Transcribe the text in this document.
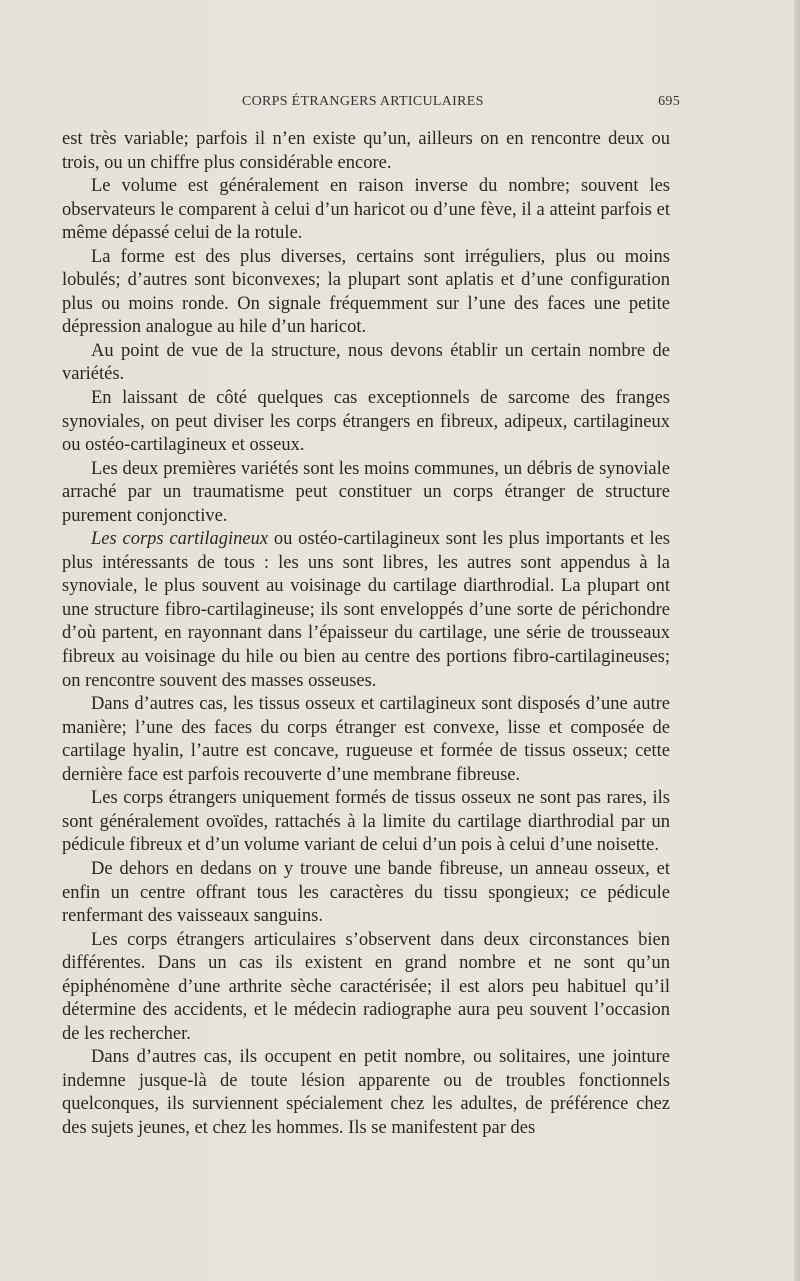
CORPS ÉTRANGERS ARTICULAIRES	695

est très variable; parfois il n’en existe qu’un, ailleurs on en rencontre deux ou trois, ou un chiffre plus considérable encore.

Le volume est généralement en raison inverse du nombre; souvent les observateurs le comparent à celui d’un haricot ou d’une fève, il a atteint parfois et même dépassé celui de la rotule.

La forme est des plus diverses, certains sont irréguliers, plus ou moins lobulés; d’autres sont biconvexes; la plupart sont aplatis et d’une configuration plus ou moins ronde. On signale fréquemment sur l’une des faces une petite dépression analogue au hile d’un haricot.

Au point de vue de la structure, nous devons établir un certain nombre de variétés.

En laissant de côté quelques cas exceptionnels de sarcome des franges synoviales, on peut diviser les corps étrangers en fibreux, adipeux, cartilagineux ou ostéo-cartilagineux et osseux.

Les deux premières variétés sont les moins communes, un débris de synoviale arraché par un traumatisme peut constituer un corps étranger de structure purement conjonctive.

Les corps cartilagineux ou ostéo-cartilagineux sont les plus importants et les plus intéressants de tous : les uns sont libres, les autres sont appendus à la synoviale, le plus souvent au voisinage du cartilage diarthrodial. La plupart ont une structure fibro-cartilagineuse; ils sont enveloppés d’une sorte de périchondre d’où partent, en rayonnant dans l’épaisseur du cartilage, une série de trousseaux fibreux au voisinage du hile ou bien au centre des portions fibro-cartilagineuses; on rencontre souvent des masses osseuses.

Dans d’autres cas, les tissus osseux et cartilagineux sont disposés d’une autre manière; l’une des faces du corps étranger est convexe, lisse et composée de cartilage hyalin, l’autre est concave, rugueuse et formée de tissus osseux; cette dernière face est parfois recouverte d’une membrane fibreuse.

Les corps étrangers uniquement formés de tissus osseux ne sont pas rares, ils sont généralement ovoïdes, rattachés à la limite du cartilage diarthrodial par un pédicule fibreux et d’un volume variant de celui d’un pois à celui d’une noisette.

De dehors en dedans on y trouve une bande fibreuse, un anneau osseux, et enfin un centre offrant tous les caractères du tissu spongieux; ce pédicule renfermant des vaisseaux sanguins.

Les corps étrangers articulaires s’observent dans deux circonstances bien différentes. Dans un cas ils existent en grand nombre et ne sont qu’un épiphénomène d’une arthrite sèche caractérisée; il est alors peu habituel qu’il détermine des accidents, et le médecin radiographe aura peu souvent l’occasion de les rechercher.

Dans d’autres cas, ils occupent en petit nombre, ou solitaires, une jointure indemne jusque-là de toute lésion apparente ou de troubles fonctionnels quelconques, ils surviennent spécialement chez les adultes, de préférence chez des sujets jeunes, et chez les hommes. Ils se manifestent par des
